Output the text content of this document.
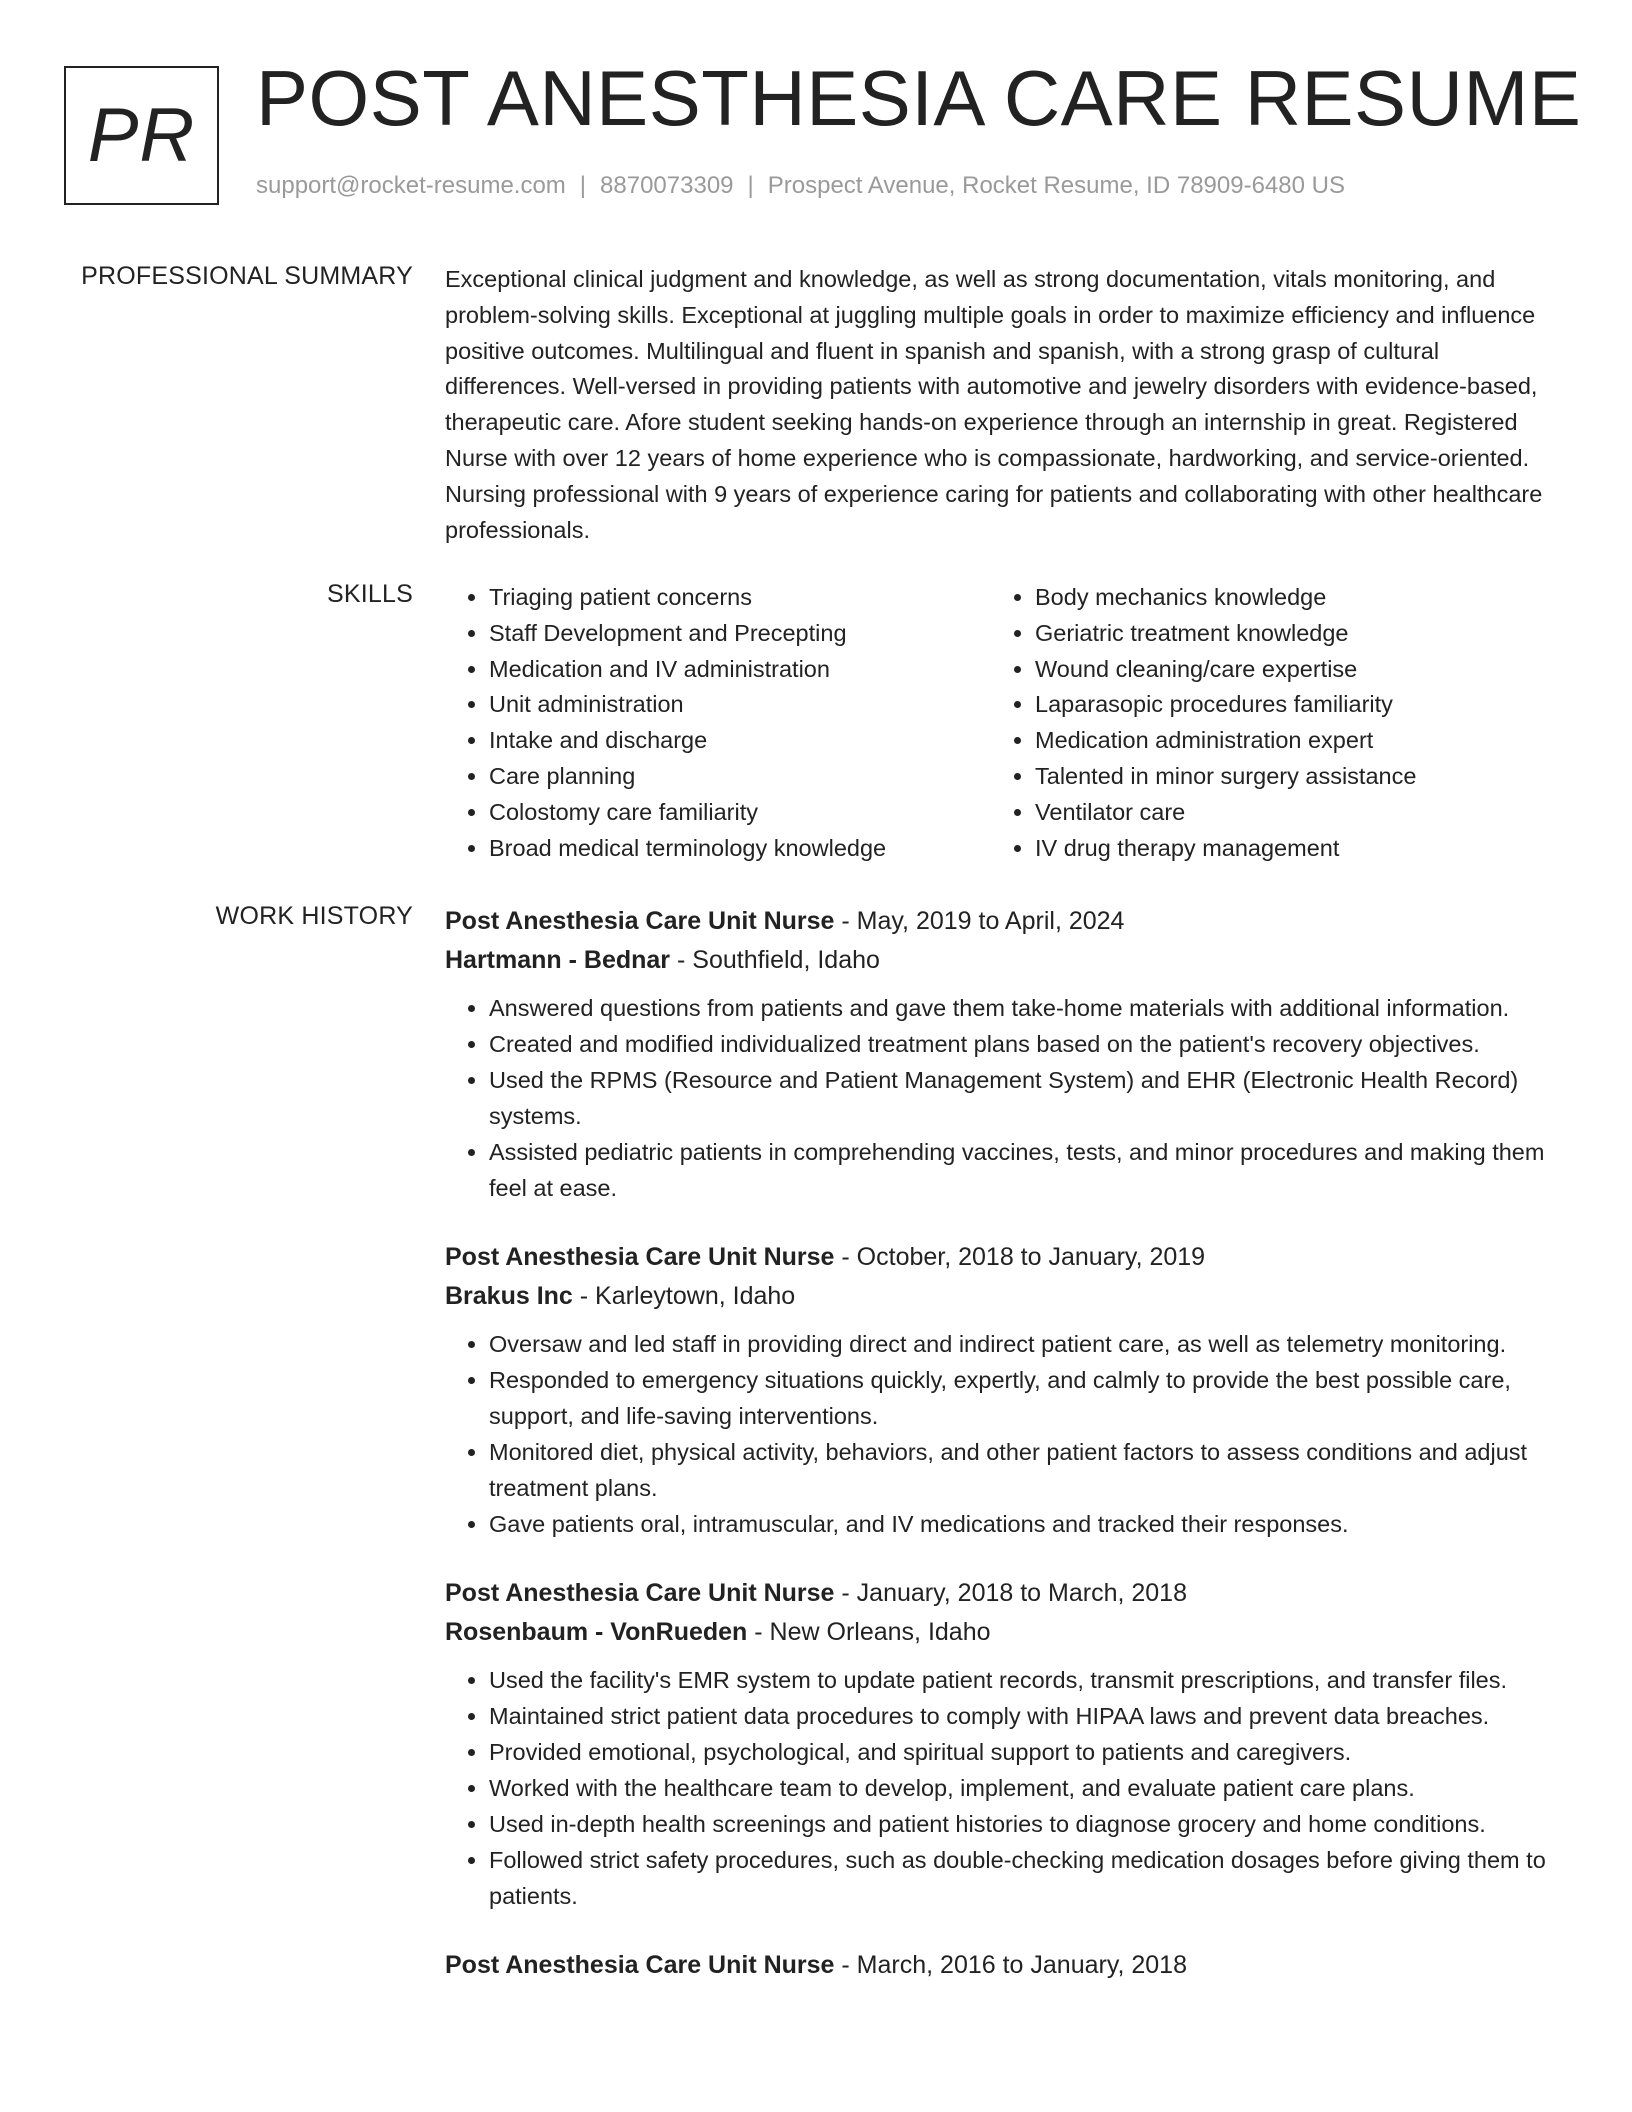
PR POST ANESTHESIA CARE RESUME
support@rocket-resume.com | 8870073309 | Prospect Avenue, Rocket Resume, ID 78909-6480 US
PROFESSIONAL SUMMARY Exceptional clinical judgment and knowledge, as well as strong documentation, vitals monitoring, and problem-solving skills. Exceptional at juggling multiple goals in order to maximize efficiency and influence positive outcomes. Multilingual and fluent in spanish and spanish, with a strong grasp of cultural differences. Well-versed in providing patients with automotive and jewelry disorders with evidence-based, therapeutic care. Afore student seeking hands-on experience through an internship in great. Registered Nurse with over 12 years of home experience who is compassionate, hardworking, and service-oriented. Nursing professional with 9 years of experience caring for patients and collaborating with other healthcare professionals.

SKILLS
•	Triaging patient concerns
• Staff Development and Precepting
• Medication and IV administration
• Unit administration
• Intake and discharge
• Care planning
• Colostomy care familiarity
• Broad medical terminology knowledge
• Body mechanics knowledge
• Geriatric treatment knowledge
• Wound cleaning/care expertise
• Laparasopic procedures familiarity
• Medication administration expert
• Talented in minor surgery assistance
• Ventilator care
• IV drug therapy management
WORK HISTORY Post Anesthesia Care Unit Nurse - May, 2019 to April, 2024
Hartmann - Bednar - Southfield, Idaho
• Answered questions from patients and gave them take-home materials with additional information.
• Created and modified individualized treatment plans based on the patient's recovery objectives.
• Used the RPMS (Resource and Patient Management System) and EHR (Electronic Health Record) systems.
• Assisted pediatric patients in comprehending vaccines, tests, and minor procedures and making them feel at ease.
Post Anesthesia Care Unit Nurse - October, 2018 to January, 2019
Brakus Inc - Karleytown, Idaho
• Oversaw and led staff in providing direct and indirect patient care, as well as telemetry monitoring.
• Responded to emergency situations quickly, expertly, and calmly to provide the best possible care, support, and life-saving interventions.
• Monitored diet, physical activity, behaviors, and other patient factors to assess conditions and adjust treatment plans.
• Gave patients oral, intramuscular, and IV medications and tracked their responses.
Post Anesthesia Care Unit Nurse - January, 2018 to March, 2018
Rosenbaum - VonRueden - New Orleans, Idaho
• Used the facility's EMR system to update patient records, transmit prescriptions, and transfer files.
• Maintained strict patient data procedures to comply with HIPAA laws and prevent data breaches.
• Provided emotional, psychological, and spiritual support to patients and caregivers.
• Worked with the healthcare team to develop, implement, and evaluate patient care plans.
• Used in-depth health screenings and patient histories to diagnose grocery and home conditions.
• Followed strict safety procedures, such as double-checking medication dosages before giving them to patients.
Post Anesthesia Care Unit Nurse - March, 2016 to January, 2018
